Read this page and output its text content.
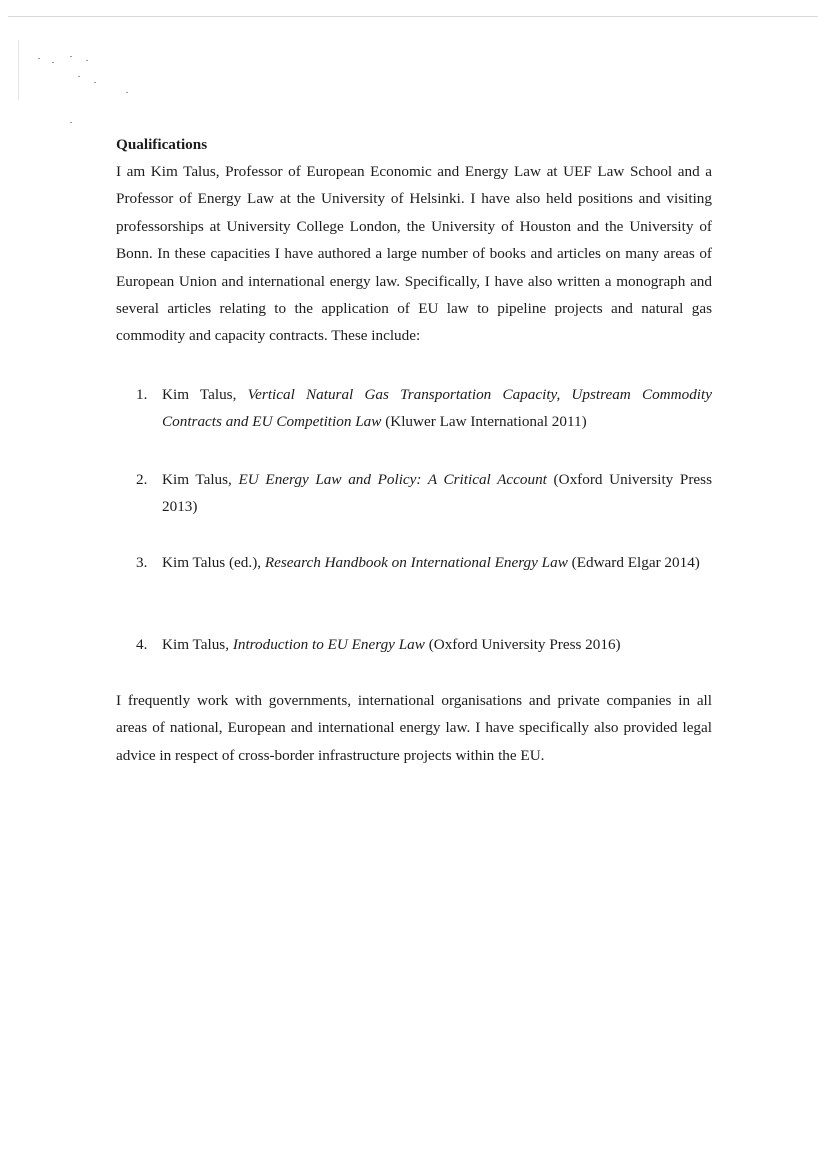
Qualifications

I am Kim Talus, Professor of European Economic and Energy Law at UEF Law School and a Professor of Energy Law at the University of Helsinki. I have also held positions and visiting professorships at University College London, the University of Houston and the University of Bonn. In these capacities I have authored a large number of books and articles on many areas of European Union and international energy law. Specifically, I have also written a monograph and several articles relating to the application of EU law to pipeline projects and natural gas commodity and capacity contracts. These include:

1. Kim Talus, Vertical Natural Gas Transportation Capacity, Upstream Commodity Contracts and EU Competition Law (Kluwer Law International 2011)
2. Kim Talus, EU Energy Law and Policy: A Critical Account (Oxford University Press 2013)
3. Kim Talus (ed.), Research Handbook on International Energy Law (Edward Elgar 2014)
4. Kim Talus, Introduction to EU Energy Law (Oxford University Press 2016)

I frequently work with governments, international organisations and private companies in all areas of national, European and international energy law. I have specifically also provided legal advice in respect of cross-border infrastructure projects within the EU.
